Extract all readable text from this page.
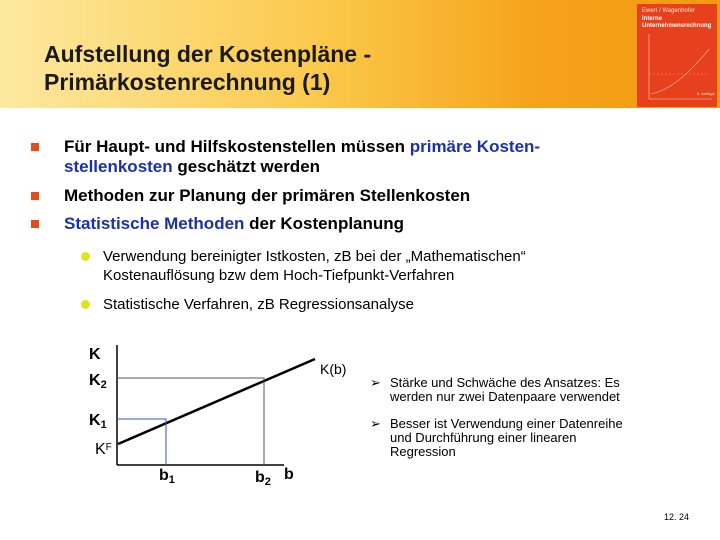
Aufstellung der Kostenpläne -
Primärkostenrechnung (1)
Ewert / Wagenhofer
Interne
Unternehmensrechnung
5. Auflage
Für Haupt- und Hilfskostenstellen müssen primäre Kosten-
stellenkosten geschätzt werden
Methoden zur Planung der primären Stellenkosten
Statistische Methoden der Kostenplanung
Verwendung bereinigter Istkosten, zB bei der „Mathematischen“
Kostenauflösung bzw dem Hoch-Tiefpunkt-Verfahren
Statistische Verfahren, zB Regressionsanalyse
K
$K_2$
$K_1$
$K^F$
K(b)
$b_1$	$b_2$ b
➢ Stärke und Schwäche des Ansatzes: Es
werden nur zwei Datenpaare verwendet
➢ Besser ist Verwendung einer Datenreihe
und Durchführung einer linearen
Regression
12. 24
